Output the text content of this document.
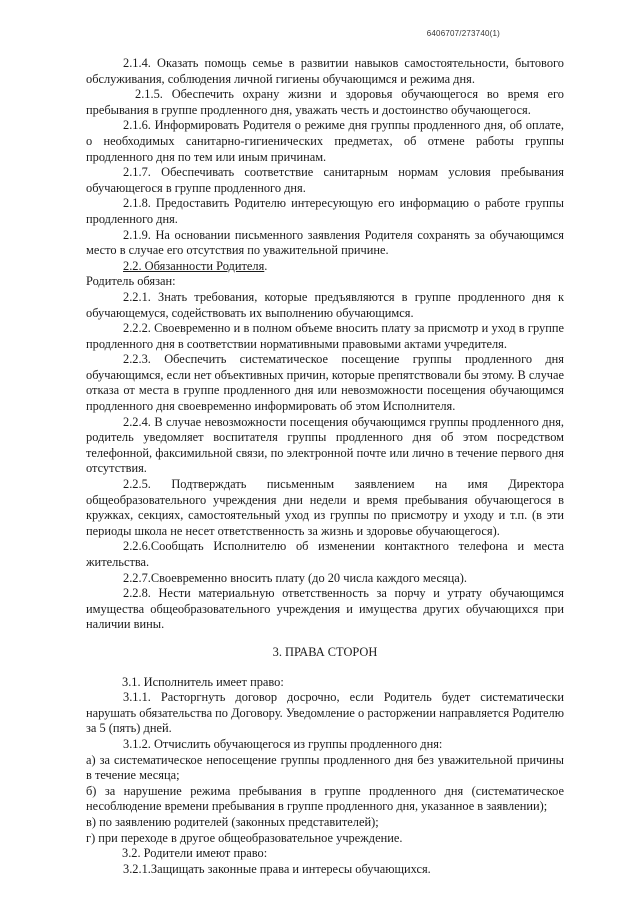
6406707/273740(1)

2.1.4. Оказать помощь семье в развитии навыков самостоятельности, бытового обслуживания, соблюдения личной гигиены обучающимся и режима дня.

2.1.5. Обеспечить охрану жизни и здоровья обучающегося во время его пребывания в группе продленного дня, уважать честь и достоинство обучающегося.

2.1.6. Информировать Родителя о режиме дня группы продленного дня, об оплате, о необходимых санитарно-гигиенических предметах, об отмене работы группы продленного дня по тем или иным причинам.

2.1.7. Обеспечивать соответствие санитарным нормам условия пребывания обучающегося в группе продленного дня.

2.1.8. Предоставить Родителю интересующую его информацию о работе группы продленного дня.

2.1.9. На основании письменного заявления Родителя сохранять за обучающимся место в случае его отсутствия по уважительной причине.

2.2. Обязанности Родителя.

Родитель обязан:

2.2.1. Знать требования, которые предъявляются в группе продленного дня к обучающемуся, содействовать их выполнению обучающимся.

2.2.2. Своевременно и в полном объеме вносить плату за присмотр и уход в группе продленного дня в соответствии нормативными правовыми актами учредителя.

2.2.3. Обеспечить систематическое посещение группы продленного дня обучающимся, если нет объективных причин, которые препятствовали бы этому. В случае отказа от места в группе продленного дня или невозможности посещения обучающимся продленного дня своевременно информировать об этом Исполнителя.

2.2.4. В случае невозможности посещения обучающимся группы продленного дня, родитель уведомляет воспитателя группы продленного дня об этом посредством телефонной, факсимильной связи, по электронной почте или лично в течение первого дня отсутствия.

2.2.5. Подтверждать письменным заявлением на имя Директора общеобразовательного учреждения дни недели и время пребывания обучающегося в кружках, секциях, самостоятельный уход из группы по присмотру и уходу и т.п. (в эти периоды школа не несет ответственность за жизнь и здоровье обучающегося).

2.2.6.Сообщать Исполнителю об изменении контактного телефона и места жительства.

2.2.7.Своевременно вносить плату (до 20 числа каждого месяца).

2.2.8. Нести материальную ответственность за порчу и утрату обучающимся имущества общеобразовательного учреждения и имущества других обучающихся при наличии вины.

3. ПРАВА СТОРОН

3.1. Исполнитель имеет право:

3.1.1. Расторгнуть договор досрочно, если Родитель будет систематически нарушать обязательства по Договору. Уведомление о расторжении направляется Родителю за 5 (пять) дней.

3.1.2. Отчислить обучающегося из группы продленного дня:

а) за систематическое непосещение группы продленного дня без уважительной причины в течение месяца;

б) за нарушение режима пребывания в группе продленного дня (систематическое несоблюдение времени пребывания в группе продленного дня, указанное в заявлении);

в) по заявлению родителей (законных представителей);

г) при переходе в другое общеобразовательное учреждение.

3.2. Родители имеют право:

3.2.1.Защищать законные права и интересы обучающихся.
